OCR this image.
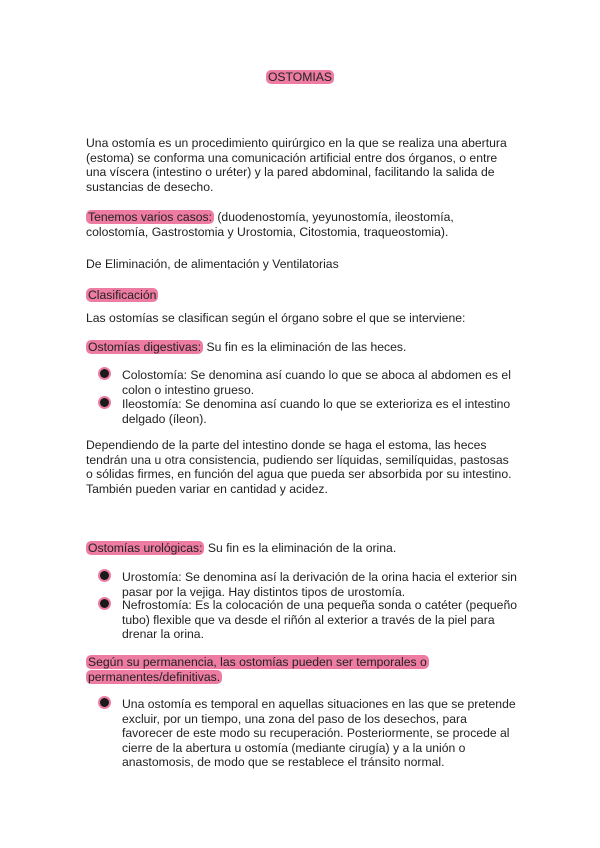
OSTOMIAS
Una ostomía es un procedimiento quirúrgico en la que se realiza una abertura (estoma) se conforma una comunicación artificial entre dos órganos, o entre una víscera (intestino o uréter) y la pared abdominal, facilitando la salida de sustancias de desecho.
Tenemos varios casos: (duodenostomía, yeyunostomía, ileostomía, colostomía, Gastrostomia y Urostomia, Citostomia, traqueostomia).
De Eliminación, de alimentación y Ventilatorias
Clasificación
Las ostomías se clasifican según el órgano sobre el que se interviene:
Ostomías digestivas: Su fin es la eliminación de las heces.
Colostomía: Se denomina así cuando lo que se aboca al abdomen es el colon o intestino grueso.
Ileostomía: Se denomina así cuando lo que se exterioriza es el intestino delgado (íleon).
Dependiendo de la parte del intestino donde se haga el estoma, las heces tendrán una u otra consistencia, pudiendo ser líquidas, semilíquidas, pastosas o sólidas firmes, en función del agua que pueda ser absorbida por su intestino. También pueden variar en cantidad y acidez.
Ostomías urológicas: Su fin es la eliminación de la orina.
Urostomía: Se denomina así la derivación de la orina hacia el exterior sin pasar por la vejiga. Hay distintos tipos de urostomía.
Nefrostomía: Es la colocación de una pequeña sonda o catéter (pequeño tubo) flexible que va desde el riñón al exterior a través de la piel para drenar la orina.
Según su permanencia, las ostomías pueden ser temporales o permanentes/definitivas.
Una ostomía es temporal en aquellas situaciones en las que se pretende excluir, por un tiempo, una zona del paso de los desechos, para favorecer de este modo su recuperación. Posteriormente, se procede al cierre de la abertura u ostomía (mediante cirugía) y a la unión o anastomosis, de modo que se restablece el tránsito normal.
